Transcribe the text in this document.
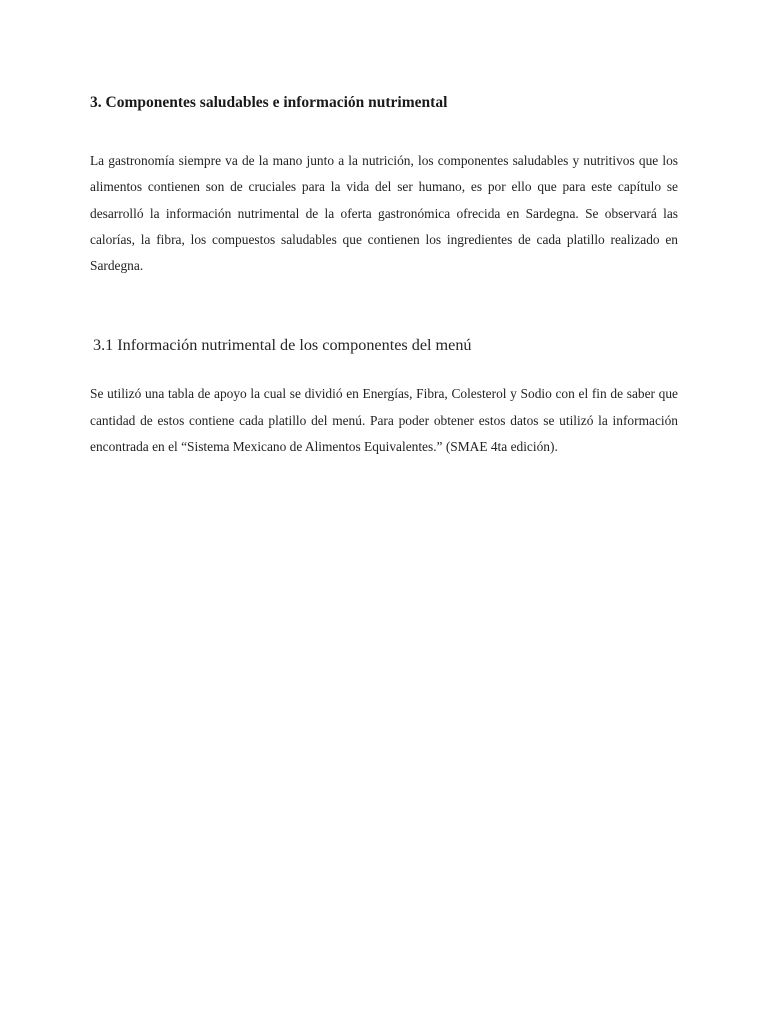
3. Componentes saludables e información nutrimental

La gastronomía siempre va de la mano junto a la nutrición, los componentes saludables y nutritivos que los alimentos contienen son de cruciales para la vida del ser humano, es por ello que para este capítulo se desarrolló la información nutrimental de la oferta gastronómica ofrecida en Sardegna. Se observará las calorías, la fibra, los compuestos saludables que contienen los ingredientes de cada platillo realizado en Sardegna.

3.1 Información nutrimental de los componentes del menú

Se utilizó una tabla de apoyo la cual se dividió en Energías, Fibra, Colesterol y Sodio con el fin de saber que cantidad de estos contiene cada platillo del menú. Para poder obtener estos datos se utilizó la información encontrada en el “Sistema Mexicano de Alimentos Equivalentes.” (SMAE 4ta edición).
